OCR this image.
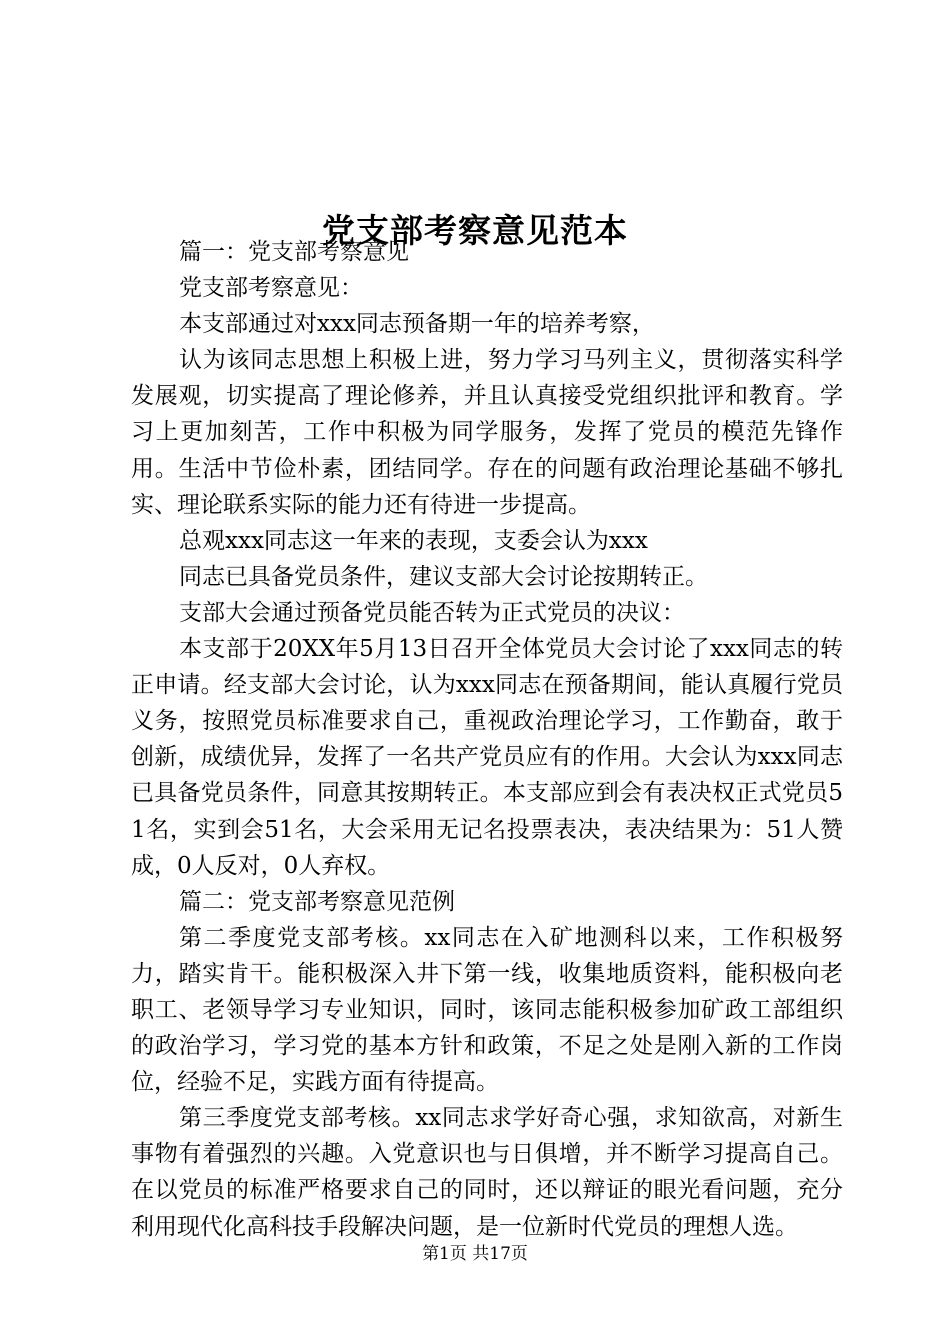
党支部考察意见范本

篇一：党支部考察意见

党支部考察意见：

本支部通过对xxx同志预备期一年的培养考察，

认为该同志思想上积极上进，努力学习马列主义，贯彻落实科学发展观，切实提高了理论修养，并且认真接受党组织批评和教育。学习上更加刻苦，工作中积极为同学服务，发挥了党员的模范先锋作用。生活中节俭朴素，团结同学。存在的问题有政治理论基础不够扎实、理论联系实际的能力还有待进一步提高。

总观xxx同志这一年来的表现，支委会认为xxx

同志已具备党员条件，建议支部大会讨论按期转正。

支部大会通过预备党员能否转为正式党员的决议：

本支部于20XX年5月13日召开全体党员大会讨论了xxx同志的转正申请。经支部大会讨论，认为xxx同志在预备期间，能认真履行党员义务，按照党员标准要求自己，重视政治理论学习，工作勤奋，敢于创新，成绩优异，发挥了一名共产党员应有的作用。大会认为xxx同志已具备党员条件，同意其按期转正。本支部应到会有表决权正式党员51名，实到会51名，大会采用无记名投票表决，表决结果为：51人赞成，0人反对，0人弃权。

篇二：党支部考察意见范例

第二季度党支部考核。xx同志在入矿地测科以来，工作积极努力，踏实肯干。能积极深入井下第一线，收集地质资料，能积极向老职工、老领导学习专业知识，同时，该同志能积极参加矿政工部组织的政治学习，学习党的基本方针和政策，不足之处是刚入新的工作岗位，经验不足，实践方面有待提高。

第三季度党支部考核。xx同志求学好奇心强，求知欲高，对新生事物有着强烈的兴趣。入党意识也与日俱增，并不断学习提高自己。在以党员的标准严格要求自己的同时，还以辩证的眼光看问题，充分利用现代化高科技手段解决问题，是一位新时代党员的理想人选。

第1页 共17页
